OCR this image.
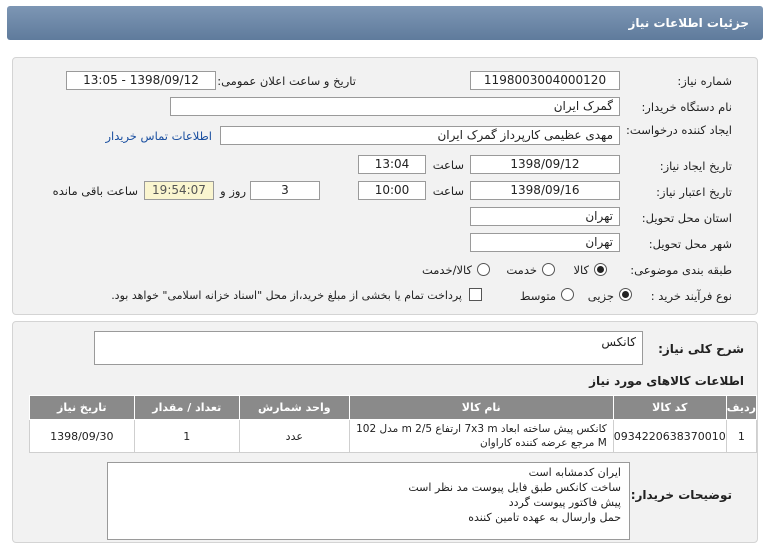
جزئیات اطلاعات نیاز
شماره نیاز:
1198003004000120
تاریخ و ساعت اعلان عمومی:
1398/09/12 - 13:05
نام دستگاه خریدار:
گمرک ایران
ایجاد کننده درخواست:
مهدی عظیمی کارپرداز گمرک ایران
اطلاعات تماس خریدار
تاریخ ایجاد نیاز:
1398/09/12
ساعت
13:04
تاریخ اعتبار نیاز:
1398/09/16
ساعت
10:00
3
روز و
19:54:07
ساعت باقی مانده
استان محل تحویل:
تهران
شهر محل تحویل:
تهران
طبقه بندی موضوعی:
کالا
خدمت
کالا/خدمت
نوع فرآیند خرید :
جزیی
متوسط
پرداخت تمام یا بخشی از مبلغ خرید،از محل "اسناد خزانه اسلامی" خواهد بود.
شرح کلی نیاز:
کانکس
اطلاعات کالاهای مورد نیاز
ردیف	کد کالا	نام کالا	واحد شمارش	تعداد / مقدار	تاریخ نیاز
1	0934220638370010	کانکس پیش ساخته ابعاد 7x3 m ارتفاع 2/5 m مدل 102 M مرجع عرضه کننده کاراوان	عدد	1	1398/09/30
توضیحات خریدار:
ایران کدمشابه است
ساخت کانکس طبق فایل پیوست مد نظر است
پیش فاکتور پیوست گردد
حمل وارسال به عهده تامین کننده
